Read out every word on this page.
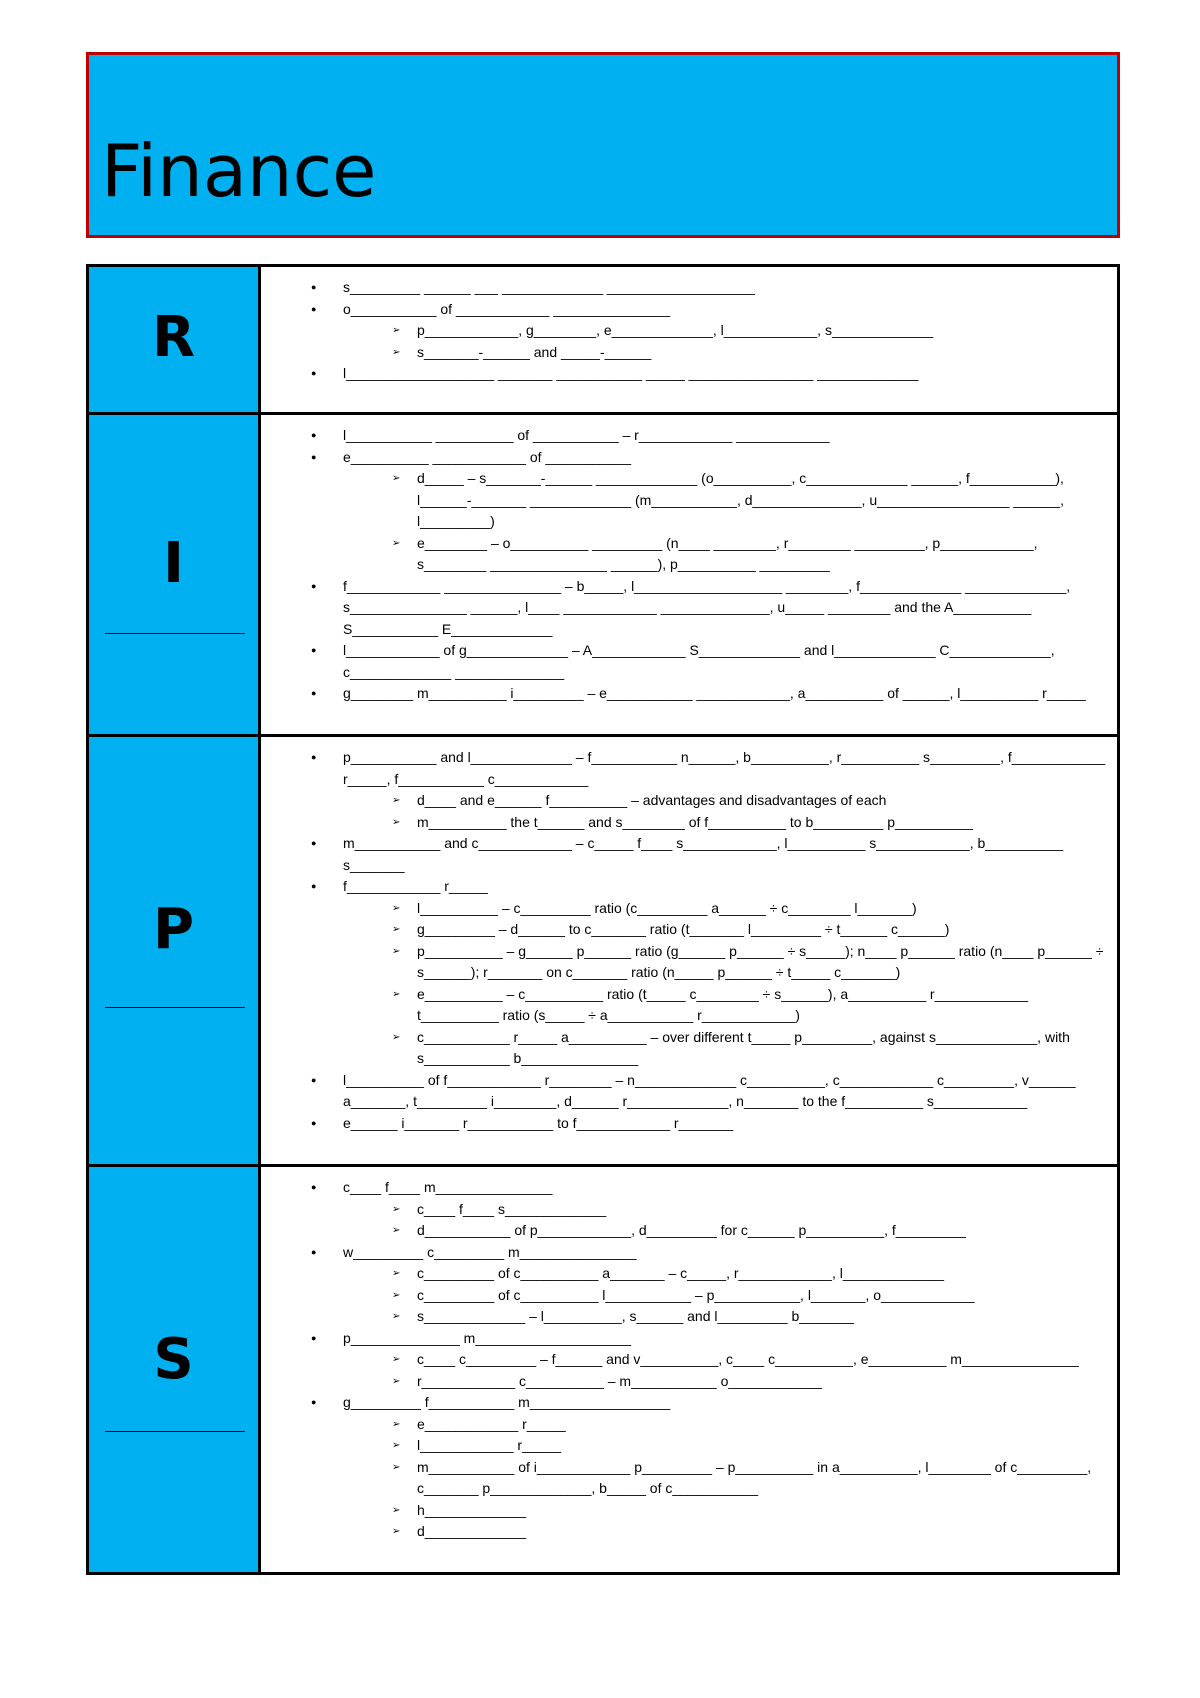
Finance
R
● s_________ ______ ___ _____________ ___________________
● o___________ of ____________ _______________
➢ p____________, g________, e_____________, l____________, s_____________
➢ s_______-______ and _____-______
● l___________________ _______ ___________ _____ ________________ _____________
I
● l___________ __________ of ___________ – r____________ ____________
● e__________ ____________ of ___________
➢ d_____ – s_______-______ _____________ (o__________, c_____________ ______, f___________), l______-_______ _____________ (m___________, d______________, u_________________ ______, l_________)
➢ e________ – o__________ _________ (n____ ________, r________ _________, p____________, s________ _______________ ______), p__________ _________
● f____________ _______________ – b_____, l___________________ ________, f_____________ _____________, s_______________ ______, l____ ____________ ______________, u_____ ________ and the A__________ S___________ E_____________
● l____________ of g_____________ – A____________ S_____________ and l_____________ C_____________, c_____________ ______________
● g________ m__________ i_________ – e___________ ____________, a__________ of ______, l__________ r_____
P
● p___________ and l_____________ – f___________ n______, b__________, r__________ s_________, f____________ r_____, f___________ c____________
➢ d____ and e______ f__________ – advantages and disadvantages of each
➢ m__________ the t______ and s________ of f__________ to b_________ p__________
● m___________ and c____________ – c_____ f____ s____________, l__________ s____________, b__________ s_______
● f____________ r_____
➢ l__________ – c_________ ratio (c_________ a______ ÷ c________ l_______)
➢ g_________ – d______ to c_______ ratio (t_______ l_________ ÷ t______ c______)
➢ p__________ – g______ p______ ratio (g______ p______ ÷ s_____); n____ p______ ratio (n____ p______ ÷ s______); r_______ on c_______ ratio (n_____ p______ ÷ t_____ c_______)
➢ e__________ – c__________ ratio (t_____ c________ ÷ s______), a__________ r____________ t__________ ratio (s_____ ÷ a___________ r____________)
➢ c___________ r_____ a__________ – over different t_____ p_________, against s_____________, with s___________ b_______________
● l__________ of f____________ r________ – n_____________ c__________, c____________ c_________, v______ a_______, t_________ i________, d______ r_____________, n_______ to the f__________ s____________
● e______ i_______ r___________ to f____________ r_______
S
● c____ f____ m_______________
➢ c____ f____ s_____________
➢ d___________ of p____________, d_________ for c______ p__________, f_________
● w_________ c_________ m_______________
➢ c_________ of c__________ a_______ – c_____, r____________, l_____________
➢ c_________ of c__________ l___________ – p___________, l_______, o____________
➢ s_____________ – l__________, s______ and l_________ b_______
● p______________ m____________________
➢ c____ c_________ – f______ and v__________, c____ c__________, e__________ m_______________
➢ r____________ c__________ – m___________ o____________
● g_________ f___________ m__________________
➢ e____________ r_____
➢ l____________ r_____
➢ m___________ of i____________ p_________ – p__________ in a__________, l________ of c_________, c_______ p_____________, b_____ of c___________
➢ h_____________
➢ d_____________
